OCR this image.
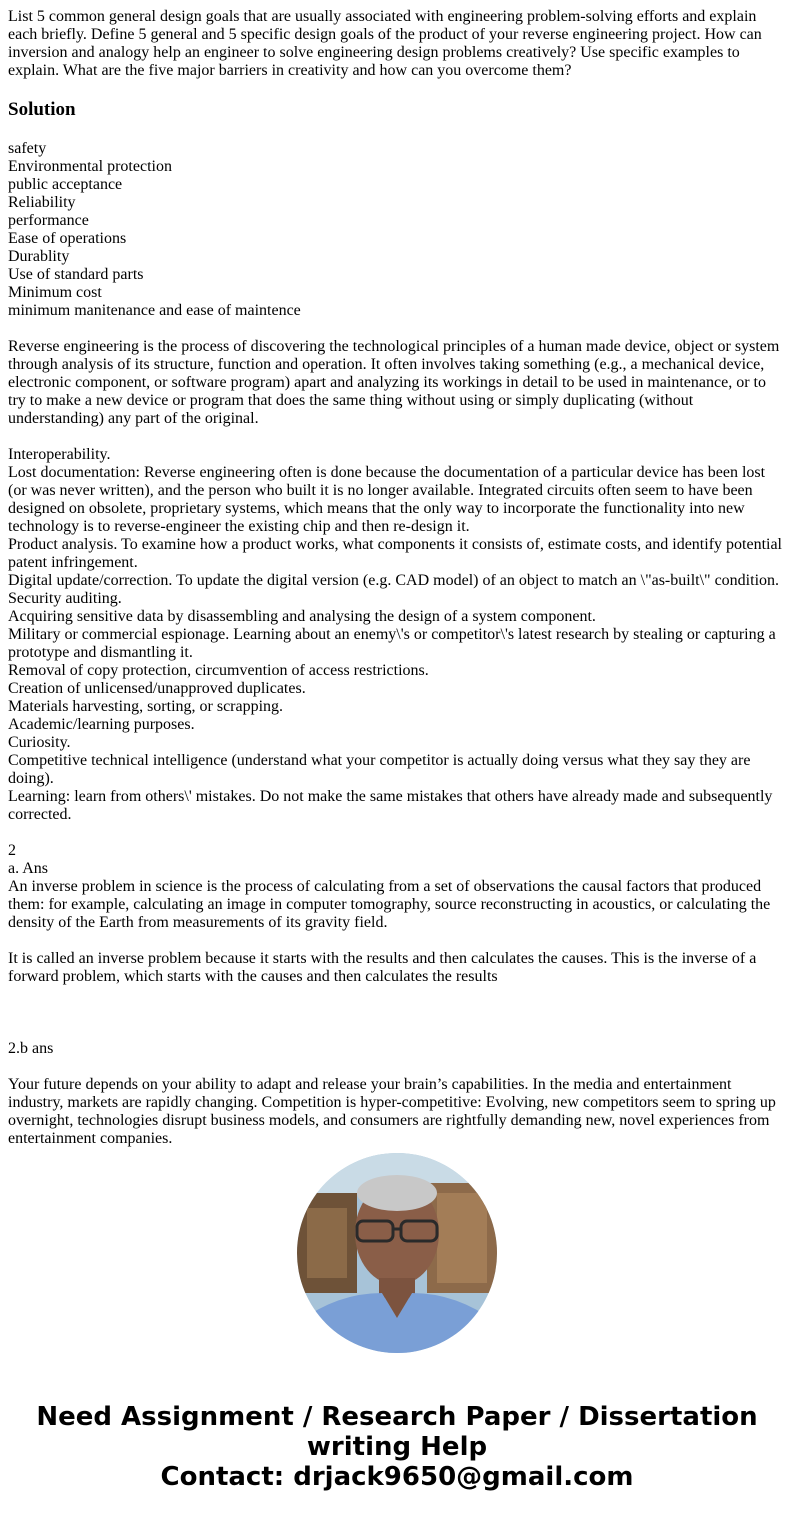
List 5 common general design goals that are usually associated with engineering problem-solving efforts and explain each briefly. Define 5 general and 5 specific design goals of the product of your reverse engineering project. How can inversion and analogy help an engineer to solve engineering design problems creatively? Use specific examples to explain. What are the five major barriers in creativity and how can you overcome them?

Solution

safety
Environmental protection
public acceptance
Reliability
performance
Ease of operations
Durablity
Use of standard parts
Minimum cost
minimum manitenance and ease of maintence

Reverse engineering is the process of discovering the technological principles of a human made device, object or system through analysis of its structure, function and operation. It often involves taking something (e.g., a mechanical device, electronic component, or software program) apart and analyzing its workings in detail to be used in maintenance, or to try to make a new device or program that does the same thing without using or simply duplicating (without understanding) any part of the original.

Interoperability.
Lost documentation: Reverse engineering often is done because the documentation of a particular device has been lost (or was never written), and the person who built it is no longer available. Integrated circuits often seem to have been designed on obsolete, proprietary systems, which means that the only way to incorporate the functionality into new technology is to reverse-engineer the existing chip and then re-design it.
Product analysis. To examine how a product works, what components it consists of, estimate costs, and identify potential patent infringement.
Digital update/correction. To update the digital version (e.g. CAD model) of an object to match an \"as-built\" condition.
Security auditing.
Acquiring sensitive data by disassembling and analysing the design of a system component.
Military or commercial espionage. Learning about an enemy\'s or competitor\'s latest research by stealing or capturing a prototype and dismantling it.
Removal of copy protection, circumvention of access restrictions.
Creation of unlicensed/unapproved duplicates.
Materials harvesting, sorting, or scrapping.
Academic/learning purposes.
Curiosity.
Competitive technical intelligence (understand what your competitor is actually doing versus what they say they are doing).
Learning: learn from others\' mistakes. Do not make the same mistakes that others have already made and subsequently corrected.

2
a. Ans
An inverse problem in science is the process of calculating from a set of observations the causal factors that produced them: for example, calculating an image in computer tomography, source reconstructing in acoustics, or calculating the density of the Earth from measurements of its gravity field.

It is called an inverse problem because it starts with the results and then calculates the causes. This is the inverse of a forward problem, which starts with the causes and then calculates the results

2.b ans

Your future depends on your ability to adapt and release your brain’s capabilities. In the media and entertainment industry, markets are rapidly changing. Competition is hyper-competitive: Evolving, new competitors seem to spring up overnight, technologies disrupt business models, and consumers are rightfully demanding new, novel experiences from entertainment companies.

Need Assignment / Research Paper / Dissertation
writing Help
Contact: drjack9650@gmail.com
